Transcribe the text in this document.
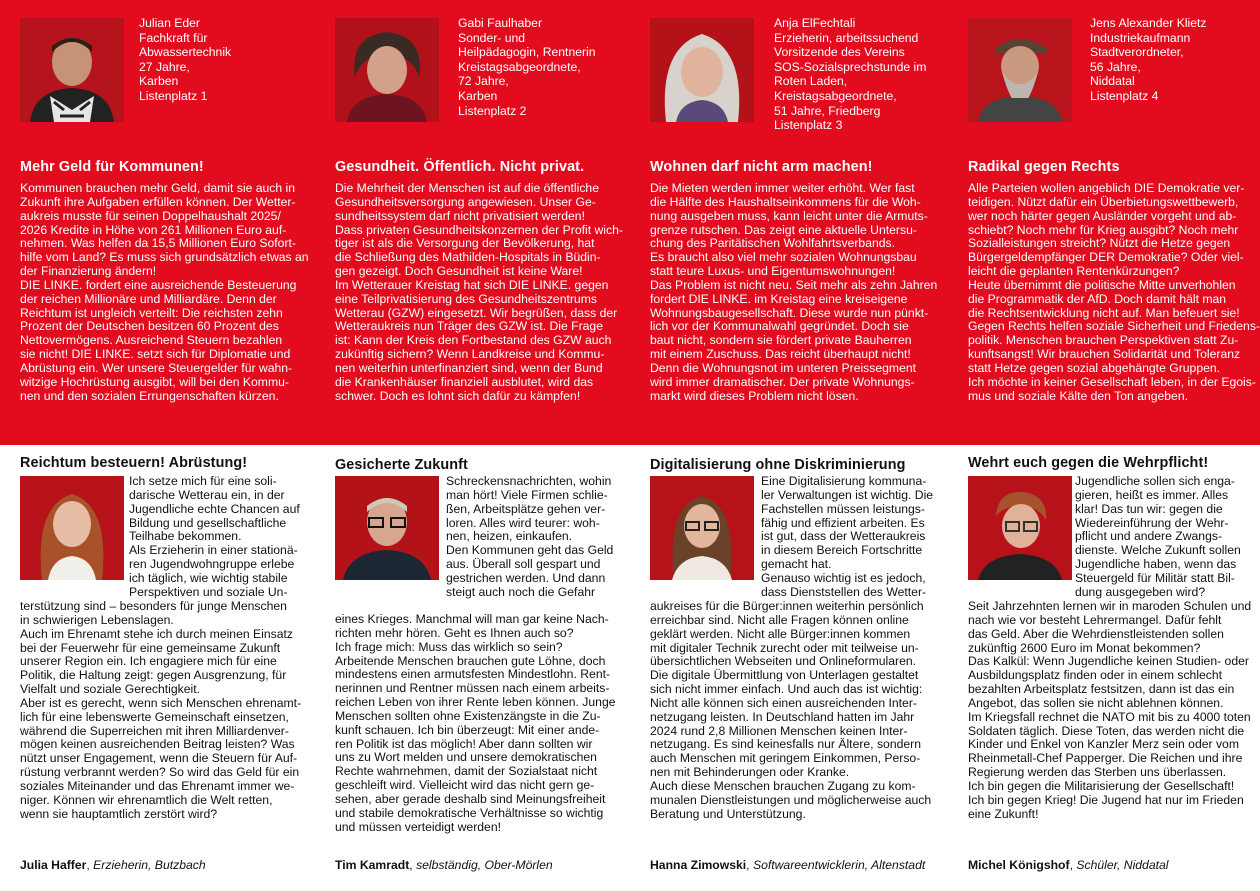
Julian Eder
Fachkraft für
Abwassertechnik
27 Jahre,
Karben
Listenplatz 1
Mehr Geld für Kommunen!
Kommunen brauchen mehr Geld, damit sie auch in
Zukunft ihre Aufgaben erfüllen können. Der Wetter-
aukreis musste für seinen Doppelhaushalt 2025/
2026 Kredite in Höhe von 261 Millionen Euro auf-
nehmen. Was helfen da 15,5 Millionen Euro Sofort-
hilfe vom Land? Es muss sich grundsätzlich etwas an
der Finanzierung ändern!
DIE LINKE. fordert eine ausreichende Besteuerung
der reichen Millionäre und Milliardäre. Denn der
Reichtum ist ungleich verteilt: Die reichsten zehn
Prozent der Deutschen besitzen 60 Prozent des
Nettovermögens. Ausreichend Steuern bezahlen
sie nicht! DIE LINKE. setzt sich für Diplomatie und
Abrüstung ein. Wer unsere Steuergelder für wahn-
witzige Hochrüstung ausgibt, will bei den Kommu-
nen und den sozialen Errungenschaften kürzen.
Gabi Faulhaber
Sonder- und
Heilpädagogin, Rentnerin
Kreistagsabgeordnete,
72 Jahre,
Karben
Listenplatz 2
Gesundheit. Öffentlich. Nicht privat.
Die Mehrheit der Menschen ist auf die öffentliche
Gesundheitsversorgung angewiesen. Unser Ge-
sundheitssystem darf nicht privatisiert werden!
Dass privaten Gesundheitskonzernen der Profit wich-
tiger ist als die Versorgung der Bevölkerung, hat
die Schließung des Mathilden-Hospitals in Büdin-
gen gezeigt. Doch Gesundheit ist keine Ware!
Im Wetterauer Kreistag hat sich DIE LINKE. gegen
eine Teilprivatisierung des Gesundheitszentrums
Wetterau (GZW) eingesetzt. Wir begrüßen, dass der
Wetteraukreis nun Träger des GZW ist. Die Frage
ist: Kann der Kreis den Fortbestand des GZW auch
zukünftig sichern? Wenn Landkreise und Kommu-
nen weiterhin unterfinanziert sind, wenn der Bund
die Krankenhäuser finanziell ausblutet, wird das
schwer. Doch es lohnt sich dafür zu kämpfen!
Anja ElFechtali
Erzieherin, arbeitssuchend
Vorsitzende des Vereins
SOS-Sozialsprechstunde im
Roten Laden,
Kreistagsabgeordnete,
51 Jahre, Friedberg
Listenplatz 3
Wohnen darf nicht arm machen!
Die Mieten werden immer weiter erhöht. Wer fast
die Hälfte des Haushaltseinkommens für die Woh-
nung ausgeben muss, kann leicht unter die Armuts-
grenze rutschen. Das zeigt eine aktuelle Untersu-
chung des Paritätischen Wohlfahrtsverbands.
Es braucht also viel mehr sozialen Wohnungsbau
statt teure Luxus- und Eigentumswohnungen!
Das Problem ist nicht neu. Seit mehr als zehn Jahren
fordert DIE LINKE. im Kreistag eine kreiseigene
Wohnungsbaugesellschaft. Diese wurde nun pünkt-
lich vor der Kommunalwahl gegründet. Doch sie
baut nicht, sondern sie fördert private Bauherren
mit einem Zuschuss. Das reicht überhaupt nicht!
Denn die Wohnungsnot im unteren Preissegment
wird immer dramatischer. Der private Wohnungs-
markt wird dieses Problem nicht lösen.
Jens Alexander Klietz
Industriekaufmann
Stadtverordneter,
56 Jahre,
Niddatal
Listenplatz 4
Radikal gegen Rechts
Alle Parteien wollen angeblich DIE Demokratie ver-
teidigen. Nützt dafür ein Überbietungswettbewerb,
wer noch härter gegen Ausländer vorgeht und ab-
schiebt? Noch mehr für Krieg ausgibt? Noch mehr
Sozialleistungen streicht? Nützt die Hetze gegen
Bürgergeldempfänger DER Demokratie? Oder viel-
leicht die geplanten Rentenkürzungen?
Heute übernimmt die politische Mitte unverhohlen
die Programmatik der AfD. Doch damit hält man
die Rechtsentwicklung nicht auf. Man befeuert sie!
Gegen Rechts helfen soziale Sicherheit und Friedens-
politik. Menschen brauchen Perspektiven statt Zu-
kunftsangst! Wir brauchen Solidarität und Toleranz
statt Hetze gegen sozial abgehängte Gruppen.
Ich möchte in keiner Gesellschaft leben, in der Egois-
mus und soziale Kälte den Ton angeben.
Reichtum besteuern! Abrüstung!
Ich setze mich für eine soli-
darische Wetterau ein, in der
Jugendliche echte Chancen auf
Bildung und gesellschaftliche
Teilhabe bekommen.
Als Erzieherin in einer stationä-
ren Jugendwohngruppe erlebe
ich täglich, wie wichtig stabile
Perspektiven und soziale Un-
terstützung sind – besonders für junge Menschen
in schwierigen Lebenslagen.
Auch im Ehrenamt stehe ich durch meinen Einsatz
bei der Feuerwehr für eine gemeinsame Zukunft
unserer Region ein. Ich engagiere mich für eine
Politik, die Haltung zeigt: gegen Ausgrenzung, für
Vielfalt und soziale Gerechtigkeit.
Aber ist es gerecht, wenn sich Menschen ehrenamt-
lich für eine lebenswerte Gemeinschaft einsetzen,
während die Superreichen mit ihren Milliardenver-
mögen keinen ausreichenden Beitrag leisten? Was
nützt unser Engagement, wenn die Steuern für Auf-
rüstung verbrannt werden? So wird das Geld für ein
soziales Miteinander und das Ehrenamt immer we-
niger. Können wir ehrenamtlich die Welt retten,
wenn sie hauptamtlich zerstört wird?
Julia Haffer, Erzieherin, Butzbach
Gesicherte Zukunft
Schreckensnachrichten, wohin
man hört! Viele Firmen schlie-
ßen, Arbeitsplätze gehen ver-
loren. Alles wird teurer: woh-
nen, heizen, einkaufen.
Den Kommunen geht das Geld
aus. Überall soll gespart und
gestrichen werden. Und dann
steigt auch noch die Gefahr
eines Krieges. Manchmal will man gar keine Nach-
richten mehr hören. Geht es Ihnen auch so?
Ich frage mich: Muss das wirklich so sein?
Arbeitende Menschen brauchen gute Löhne, doch
mindestens einen armutsfesten Mindestlohn. Rent-
nerinnen und Rentner müssen nach einem arbeits-
reichen Leben von ihrer Rente leben können. Junge
Menschen sollten ohne Existenzängste in die Zu-
kunft schauen. Ich bin überzeugt: Mit einer ande-
ren Politik ist das möglich! Aber dann sollten wir
uns zu Wort melden und unsere demokratischen
Rechte wahrnehmen, damit der Sozialstaat nicht
geschleift wird. Vielleicht wird das nicht gern ge-
sehen, aber gerade deshalb sind Meinungsfreiheit
und stabile demokratische Verhältnisse so wichtig
und müssen verteidigt werden!
Tim Kamradt, selbständig, Ober-Mörlen
Digitalisierung ohne Diskriminierung
Eine Digitalisierung kommuna-
ler Verwaltungen ist wichtig. Die
Fachstellen müssen leistungs-
fähig und effizient arbeiten. Es
ist gut, dass der Wetteraukreis
in diesem Bereich Fortschritte
gemacht hat.
Genauso wichtig ist es jedoch,
dass Dienststellen des Wetter-
aukreises für die Bürger:innen weiterhin persönlich
erreichbar sind. Nicht alle Fragen können online
geklärt werden. Nicht alle Bürger:innen kommen
mit digitaler Technik zurecht oder mit teilweise un-
übersichtlichen Webseiten und Onlineformularen.
Die digitale Übermittlung von Unterlagen gestaltet
sich nicht immer einfach. Und auch das ist wichtig:
Nicht alle können sich einen ausreichenden Inter-
netzugang leisten. In Deutschland hatten im Jahr
2024 rund 2,8 Millionen Menschen keinen Inter-
netzugang. Es sind keinesfalls nur Ältere, sondern
auch Menschen mit geringem Einkommen, Perso-
nen mit Behinderungen oder Kranke.
Auch diese Menschen brauchen Zugang zu kom-
munalen Dienstleistungen und möglicherweise auch
Beratung und Unterstützung.
Hanna Zimowski, Softwareentwicklerin, Altenstadt
Wehrt euch gegen die Wehrpflicht!
Jugendliche sollen sich enga-
gieren, heißt es immer. Alles
klar! Das tun wir: gegen die
Wiedereinführung der Wehr-
pflicht und andere Zwangs-
dienste. Welche Zukunft sollen
Jugendliche haben, wenn das
Steuergeld für Militär statt Bil-
dung ausgegeben wird?
Seit Jahrzehnten lernen wir in maroden Schulen und
nach wie vor besteht Lehrermangel. Dafür fehlt
das Geld. Aber die Wehrdienstleistenden sollen
zukünftig 2600 Euro im Monat bekommen?
Das Kalkül: Wenn Jugendliche keinen Studien- oder
Ausbildungsplatz finden oder in einem schlecht
bezahlten Arbeitsplatz festsitzen, dann ist das ein
Angebot, das sollen sie nicht ablehnen können.
Im Kriegsfall rechnet die NATO mit bis zu 4000 toten
Soldaten täglich. Diese Toten, das werden nicht die
Kinder und Enkel von Kanzler Merz sein oder vom
Rheinmetall-Chef Papperger. Die Reichen und ihre
Regierung werden das Sterben uns überlassen.
Ich bin gegen die Militarisierung der Gesellschaft!
Ich bin gegen Krieg! Die Jugend hat nur im Frieden
eine Zukunft!
Michel Königshof, Schüler, Niddatal
